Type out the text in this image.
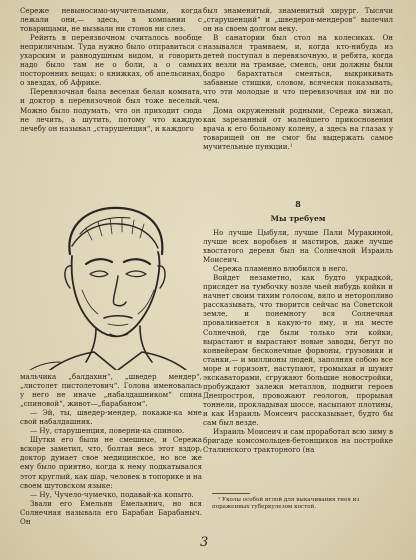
Сереже невыносимо-мучительными, когда лежали они,— здесь, в компании с товарищами, не вызвали ни стонов ни слез.

Рейнть в переязвочном считалось вообще неприличным. Туда нужно было отправиться с ухарским и равнодушным видом, и говорить надо было там не о боли, а о самых посторонних вещах: о книжках, об апельсинах, о звездах, об Африке.

Перевязочная была веселая белая комната, и доктор в перевязочной был тоже веселый. Можно было подумать, что он приходит сюда не лечить, а шутить, потому что каждую лечебу он называл „старушенция“, и каждого

мальчика „балдахин“, „шведер мендер“, „листолет пистолетович“. Голова именовалась у него не иначе „набалдашником“ спина „спиновой“, живот—„барабаном“.

— Эй, ты, шведер-мендер, покажи-ка мне свой набалдашник.

— Ну, старушенция, поверни-ка спиною.

Шутки его были не смешные, и Сережа вскоре заметил, что, болтая весь этот вздор, доктор думает свое медицинское, но все же ему было приятно, когда к нему подкатывался этот круглый, как шар, человек в топорике и на своем шутовском языке:

— Ну, Чучело-чумечко, подавай-ка копыто.

Звали его Емельян Емельянич, но вся Солнечная называла его Барабан Барабаныч. Он

был знаменитый, знаменитый хирург. Тысячи „старушенций“ и „шведеров-мендеров“ вылечил он на своем долгом веку.

В санатории был стол на колесиках. Он назывался трамваем, и, когда кто-нибудь из детей поступал в перевязочную, и ребята, когда их везли на трамвае, смеясь, они должны были бодро барахтаться смеяться, выкрикивать забавные стишки, словом, всячески показывать, что эти молодые и что перевязочная им ни по чем.

Дома окруженный родными, Сережа визжал, как зарезанный от малейшего прикосновения врача к его больному колену, а здесь на глазах у товарищей он не смог бы выдержать самое мучительные пункции.¹

8

Мы требуем

Но лучше Цыбули, лучше Пали Муракиной, лучше всех воробьев и мастиров, даже лучше хвостатого деревя был на Солнечной Израиль Моисеич.

Сережа пламенно влюбился в него.

Войдет незаметно, как будто украдкой, присядет на тумбочку возле чьей нибудь койки и начнет своим тихим голосом, вяло и неторопливо рассказывать, что творится сейчас на Советской земле, и понемногу вся Солнечная проваливается в какую-то яму, и на месте Солнечной, где были только эти койки, вырастают и вырастают новые заводы, бегут по конвейерам бесконечные форвоны, грузовики и станки,— и миллионы людей, заполняя собою все море и горизонт, наступают, громыхая и шумят экскаваторами, сгружают большие новостройки, пробуждают залежи металлов, подвиги героев Днепростроя, провожают геологов, прорывая тоннели, прокладывая шоссе, насыпают плотины, и как Израиль Моисеич рассказывает, будто бы сам был везде.

Израиль Моисеич и сам проработал всю зиму в бригаде комсомольцев-бетонщиков на постройке Сталинского тракторного (на

¹ Уколы особой иглой для выкачивания гноя из пораженных туберкулезом костей.
3
